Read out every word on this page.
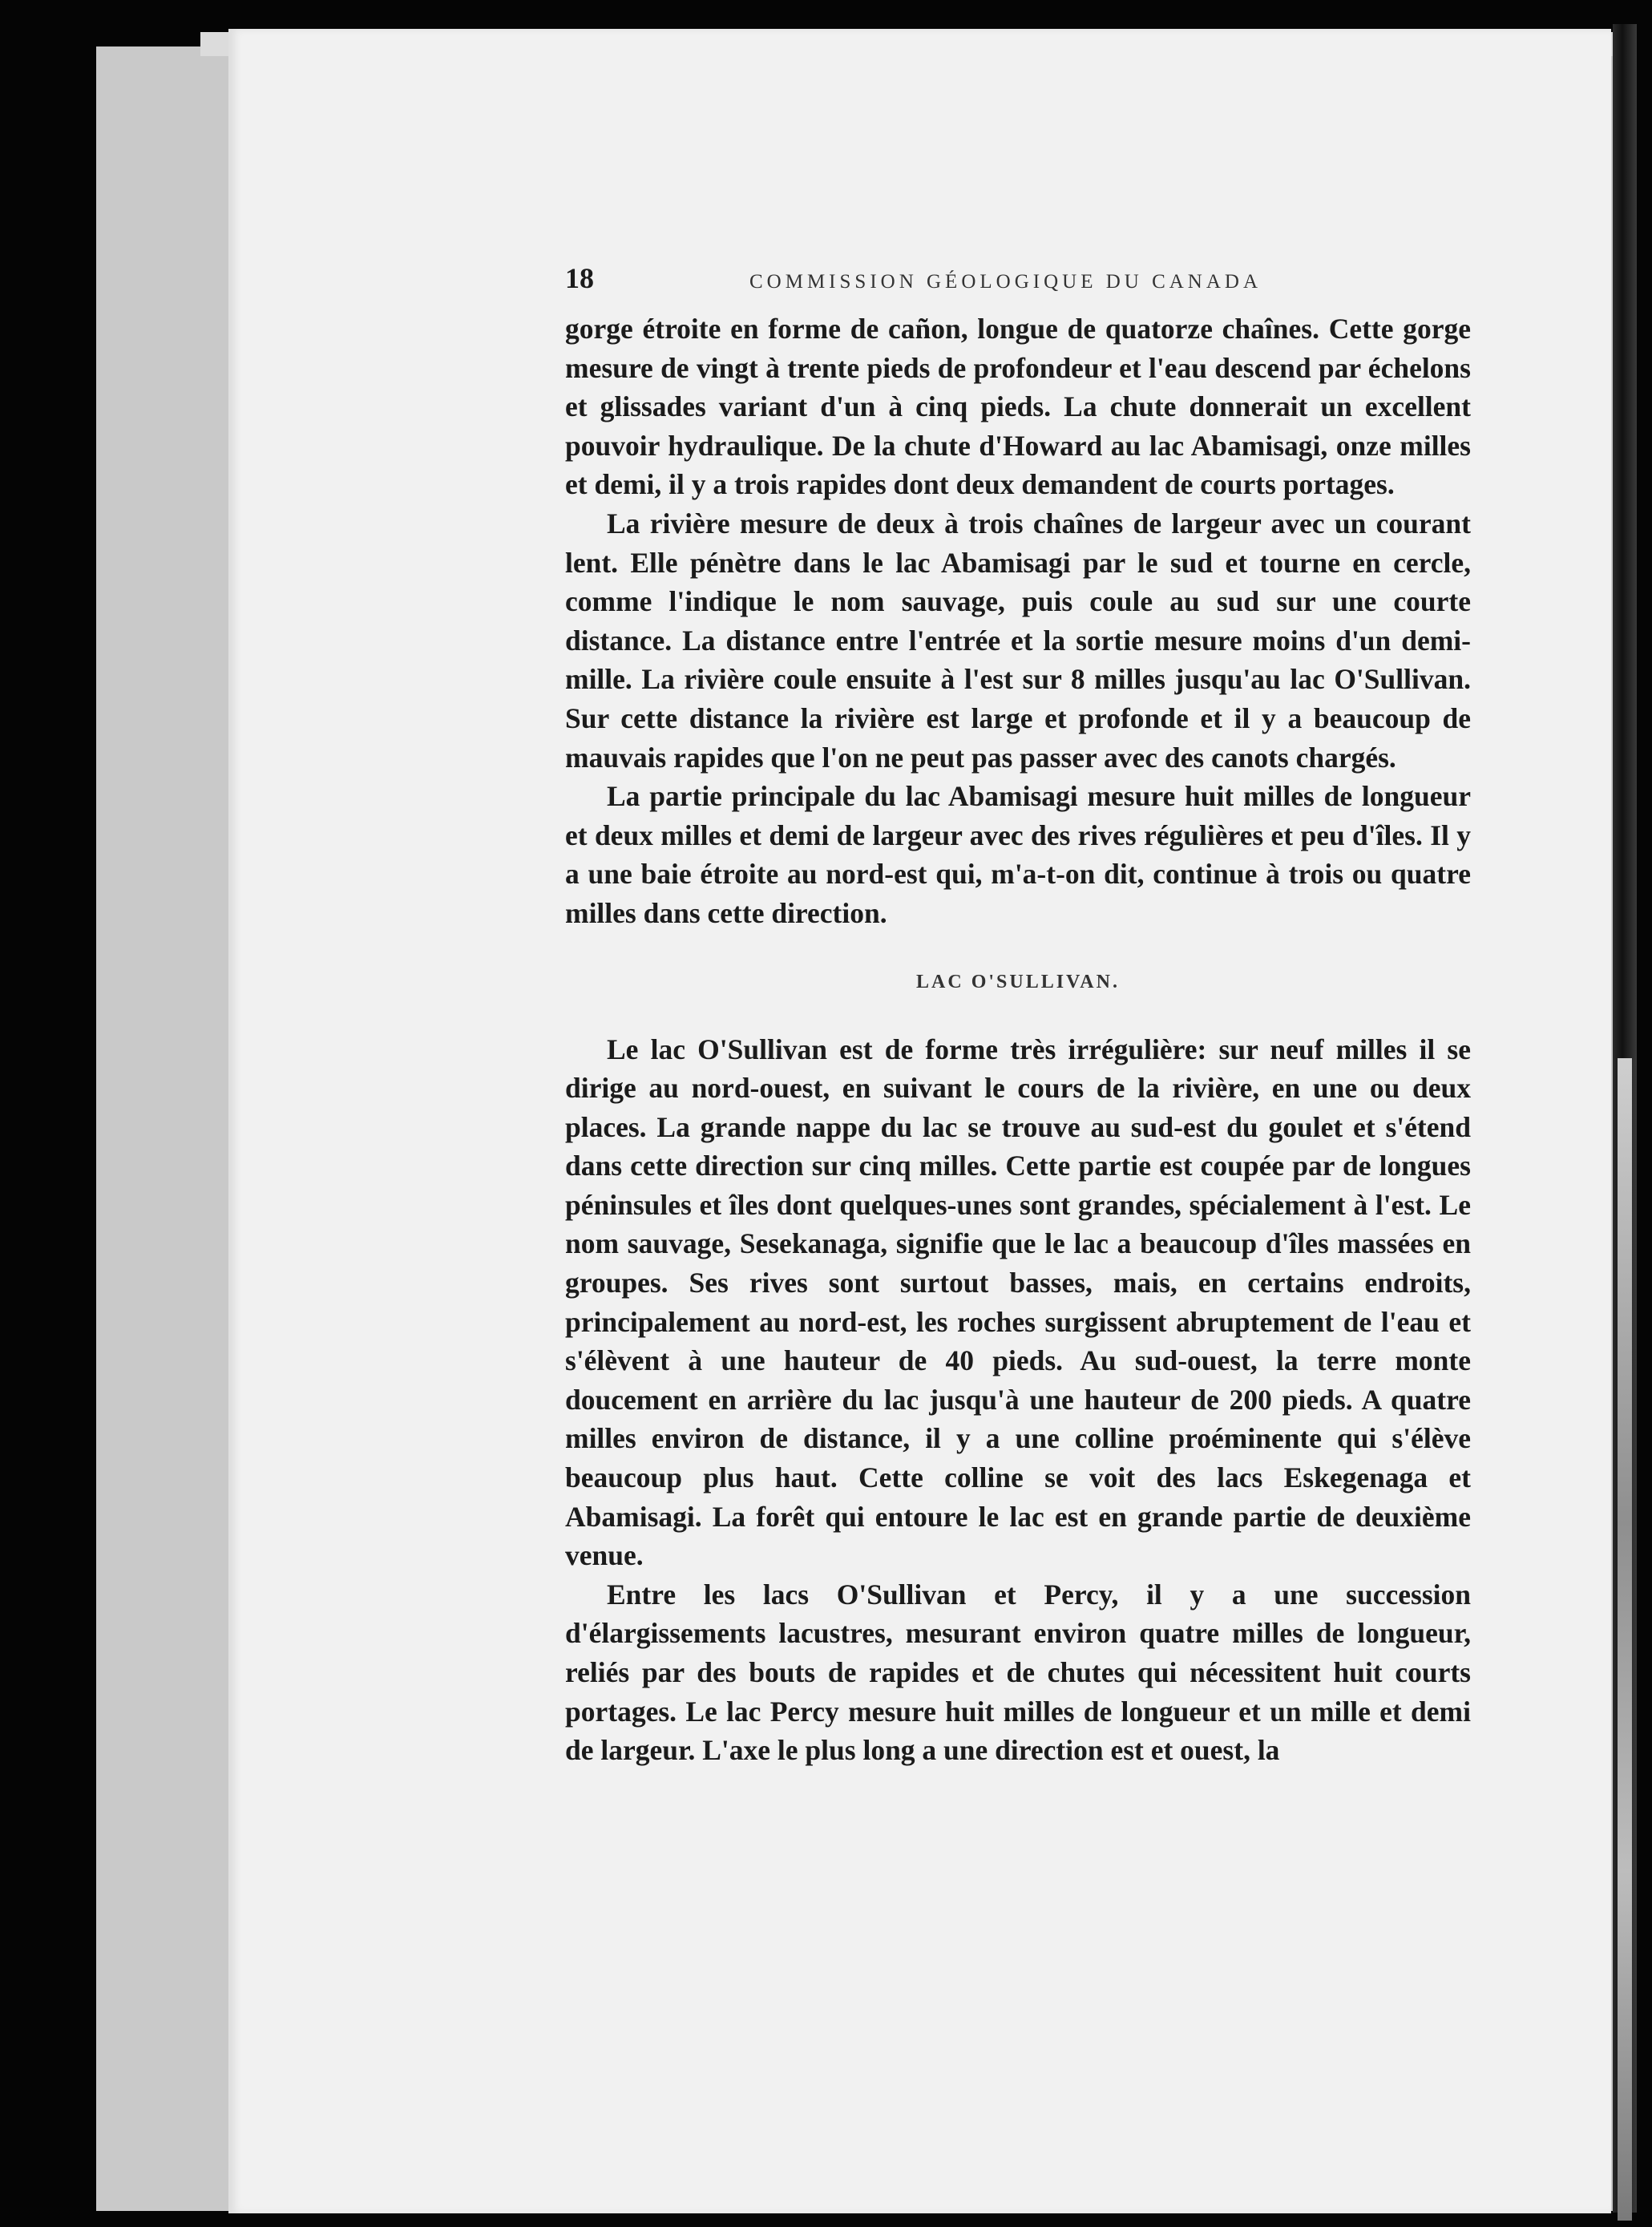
18	COMMISSION GÉOLOGIQUE DU CANADA

gorge étroite en forme de cañon, longue de quatorze chaînes. Cette gorge mesure de vingt à trente pieds de profondeur et l'eau descend par échelons et glissades variant d'un à cinq pieds. La chute donnerait un excellent pouvoir hydraulique. De la chute d'Howard au lac Abamisagi, onze milles et demi, il y a trois rapides dont deux demandent de courts portages.

La rivière mesure de deux à trois chaînes de largeur avec un courant lent. Elle pénètre dans le lac Abamisagi par le sud et tourne en cercle, comme l'indique le nom sauvage, puis coule au sud sur une courte distance. La distance entre l'entrée et la sortie mesure moins d'un demi-mille. La rivière coule ensuite à l'est sur 8 milles jusqu'au lac O'Sullivan. Sur cette distance la rivière est large et profonde et il y a beaucoup de mauvais rapides que l'on ne peut pas passer avec des canots chargés.

La partie principale du lac Abamisagi mesure huit milles de longueur et deux milles et demi de largeur avec des rives régulières et peu d'îles. Il y a une baie étroite au nord-est qui, m'a-t-on dit, continue à trois ou quatre milles dans cette direction.

LAC O'SULLIVAN.

Le lac O'Sullivan est de forme très irrégulière: sur neuf milles il se dirige au nord-ouest, en suivant le cours de la rivière, en une ou deux places. La grande nappe du lac se trouve au sud-est du goulet et s'étend dans cette direction sur cinq milles. Cette partie est coupée par de longues péninsules et îles dont quelques-unes sont grandes, spécialement à l'est. Le nom sauvage, Sesekanaga, signifie que le lac a beaucoup d'îles massées en groupes. Ses rives sont surtout basses, mais, en certains endroits, principalement au nord-est, les roches surgissent abruptement de l'eau et s'élèvent à une hauteur de 40 pieds. Au sud-ouest, la terre monte doucement en arrière du lac jusqu'à une hauteur de 200 pieds. A quatre milles environ de distance, il y a une colline proéminente qui s'élève beaucoup plus haut. Cette colline se voit des lacs Eskegenaga et Abamisagi. La forêt qui entoure le lac est en grande partie de deuxième venue.

Entre les lacs O'Sullivan et Percy, il y a une succession d'élargissements lacustres, mesurant environ quatre milles de longueur, reliés par des bouts de rapides et de chutes qui nécessitent huit courts portages. Le lac Percy mesure huit milles de longueur et un mille et demi de largeur. L'axe le plus long a une direction est et ouest, la
